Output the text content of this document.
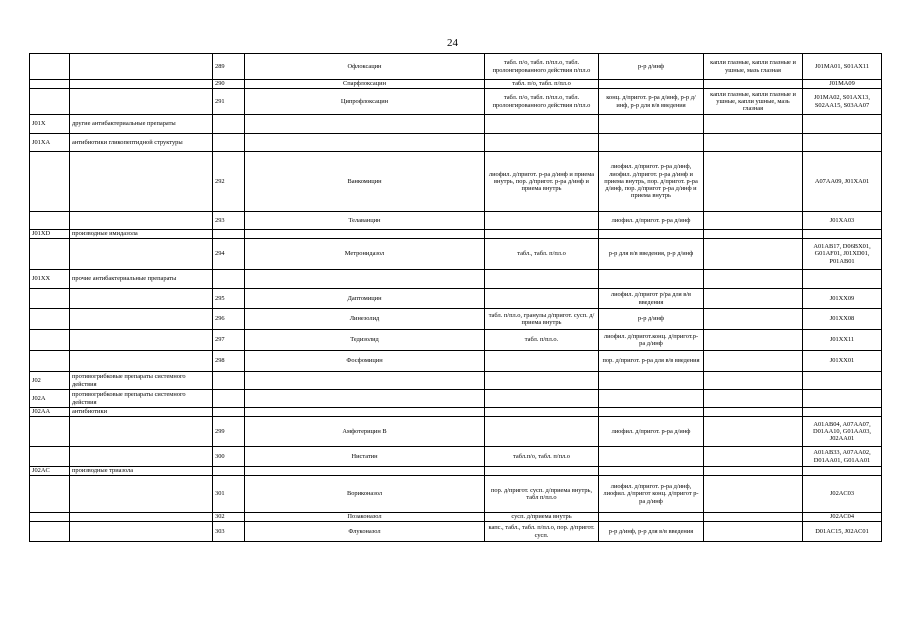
24
		289	Офлоксацин	табл. п/о, табл. п/пл.о, табл. пролонгированного действия п/пл.о	р-р д/инф	капли глазные, капли глазные и ушные, мазь глазная	J01MA01, S01AX11
		290	Спарфлоксацин	табл. п/о, табл. п/пл.о			J01MA09
		291	Ципрофлоксацин	табл. п/о, табл. п/пл.о, табл. пролонгированного действия п/пл.о	конц. д/пригот. р-ра д/инф, р-р д/инф, р-р для в/в введения	капли глазные, капли глазные и ушные, капли ушные, мазь глазная	J01MA02, S01AX13, S02AA15, S03AA07
J01X	другие антибактериальные препараты						
J01XA	антибиотики гликопептидной структуры						
		292	Ванкомицин	лиофил. д/пригот. р-ра д/инф и приема внутрь, пор. д/пригот. р-ра д/инф и приема внутрь	лиофил. д/пригот. р-ра д/инф, лиофил. д/пригот. р-ра д/инф и приема внутрь, пор. д/пригот. р-ра д/инф, пор. д/пригот р-ра д/инф и приема внутрь		A07AA09, J01XA01
		293	Телаванцин		лиофил. д/пригот. р-ра д/инф		J01XA03
J01XD	производные имидазола						
		294	Метронидазол	табл., табл. п/пл.о	р-р для в/в введения, р-р д/инф		A01AB17, D06BX01, G01AF01, J01XD01, P01AB01
J01XX	прочие антибактериальные препараты						
		295	Даптомицин		лиофил. д/пригот р/ра для в/в введения		J01XX09
		296	Линезолид	табл. п/пл.о, гранулы д/пригот. сусп. д/приема внутрь	р-р д/инф		J01XX08
		297	Тедизолид	табл. п/пл.о.	лиофил. д/пригот.конц. д/пригот.р-ра д/инф		J01XX11
		298	Фосфомицин		пор. д/пригот. р-ра для в/в введения		J01XX01
J02	противогрибковые препараты системного действия						
J02A	противогрибковые препараты системного действия						
J02AA	антибиотики						
		299	Амфотерицин В		лиофил. д/пригот. р-ра д/инф		A01AB04, A07AA07, D01AA10, G01AA03, J02AA01
		300	Нистатин	табл.п/о, табл. п/пл.о			A01AB33, A07AA02, D01AA01, G01AA01
J02AC	производные триазола						
		301	Вориконазол	пор. д/пригот. сусп. д/приема внутрь, табл п/пл.о	лиофил. д/пригот. р-ра д/инф, лиофил. д/пригот конц. д/пригот р-ра д/инф		J02AC03
		302	Позаконазол	сусп. д/приема внутрь			J02AC04
		303	Флуконазол	капс., табл., табл. п/пл.о, пор. д/пригот. сусп.	р-р д/инф, р-р для в/в введения		D01AC15, J02AC01
